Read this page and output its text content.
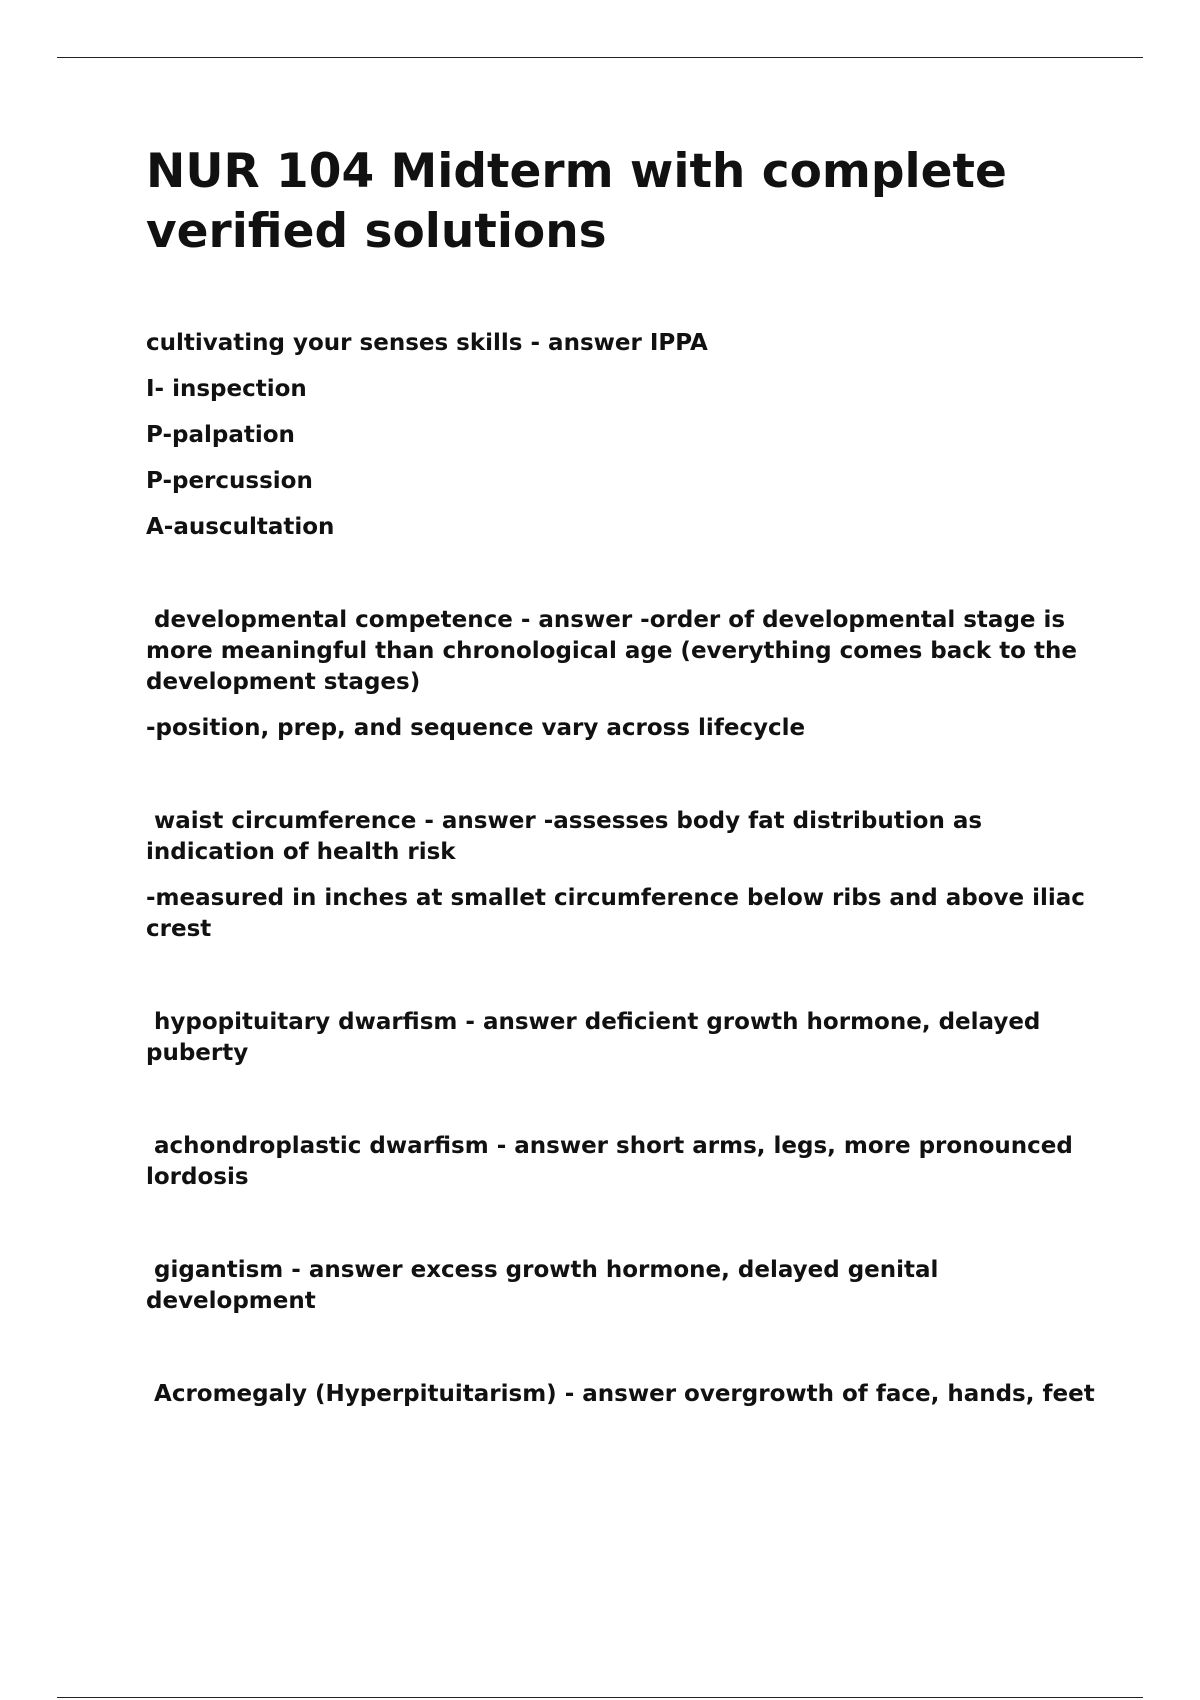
NUR 104 Midterm with complete verified solutions

cultivating your senses skills - answer IPPA

I- inspection

P-palpation

P-percussion

A-auscultation

developmental competence - answer -order of developmental stage is more meaningful than chronological age (everything comes back to the development stages)

-position, prep, and sequence vary across lifecycle

waist circumference - answer -assesses body fat distribution as indication of health risk

-measured in inches at smallet circumference below ribs and above iliac crest

hypopituitary dwarfism - answer deficient growth hormone, delayed puberty

achondroplastic dwarfism - answer short arms, legs, more pronounced lordosis

gigantism - answer excess growth hormone, delayed genital development

Acromegaly (Hyperpituitarism) - answer overgrowth of face, hands, feet
